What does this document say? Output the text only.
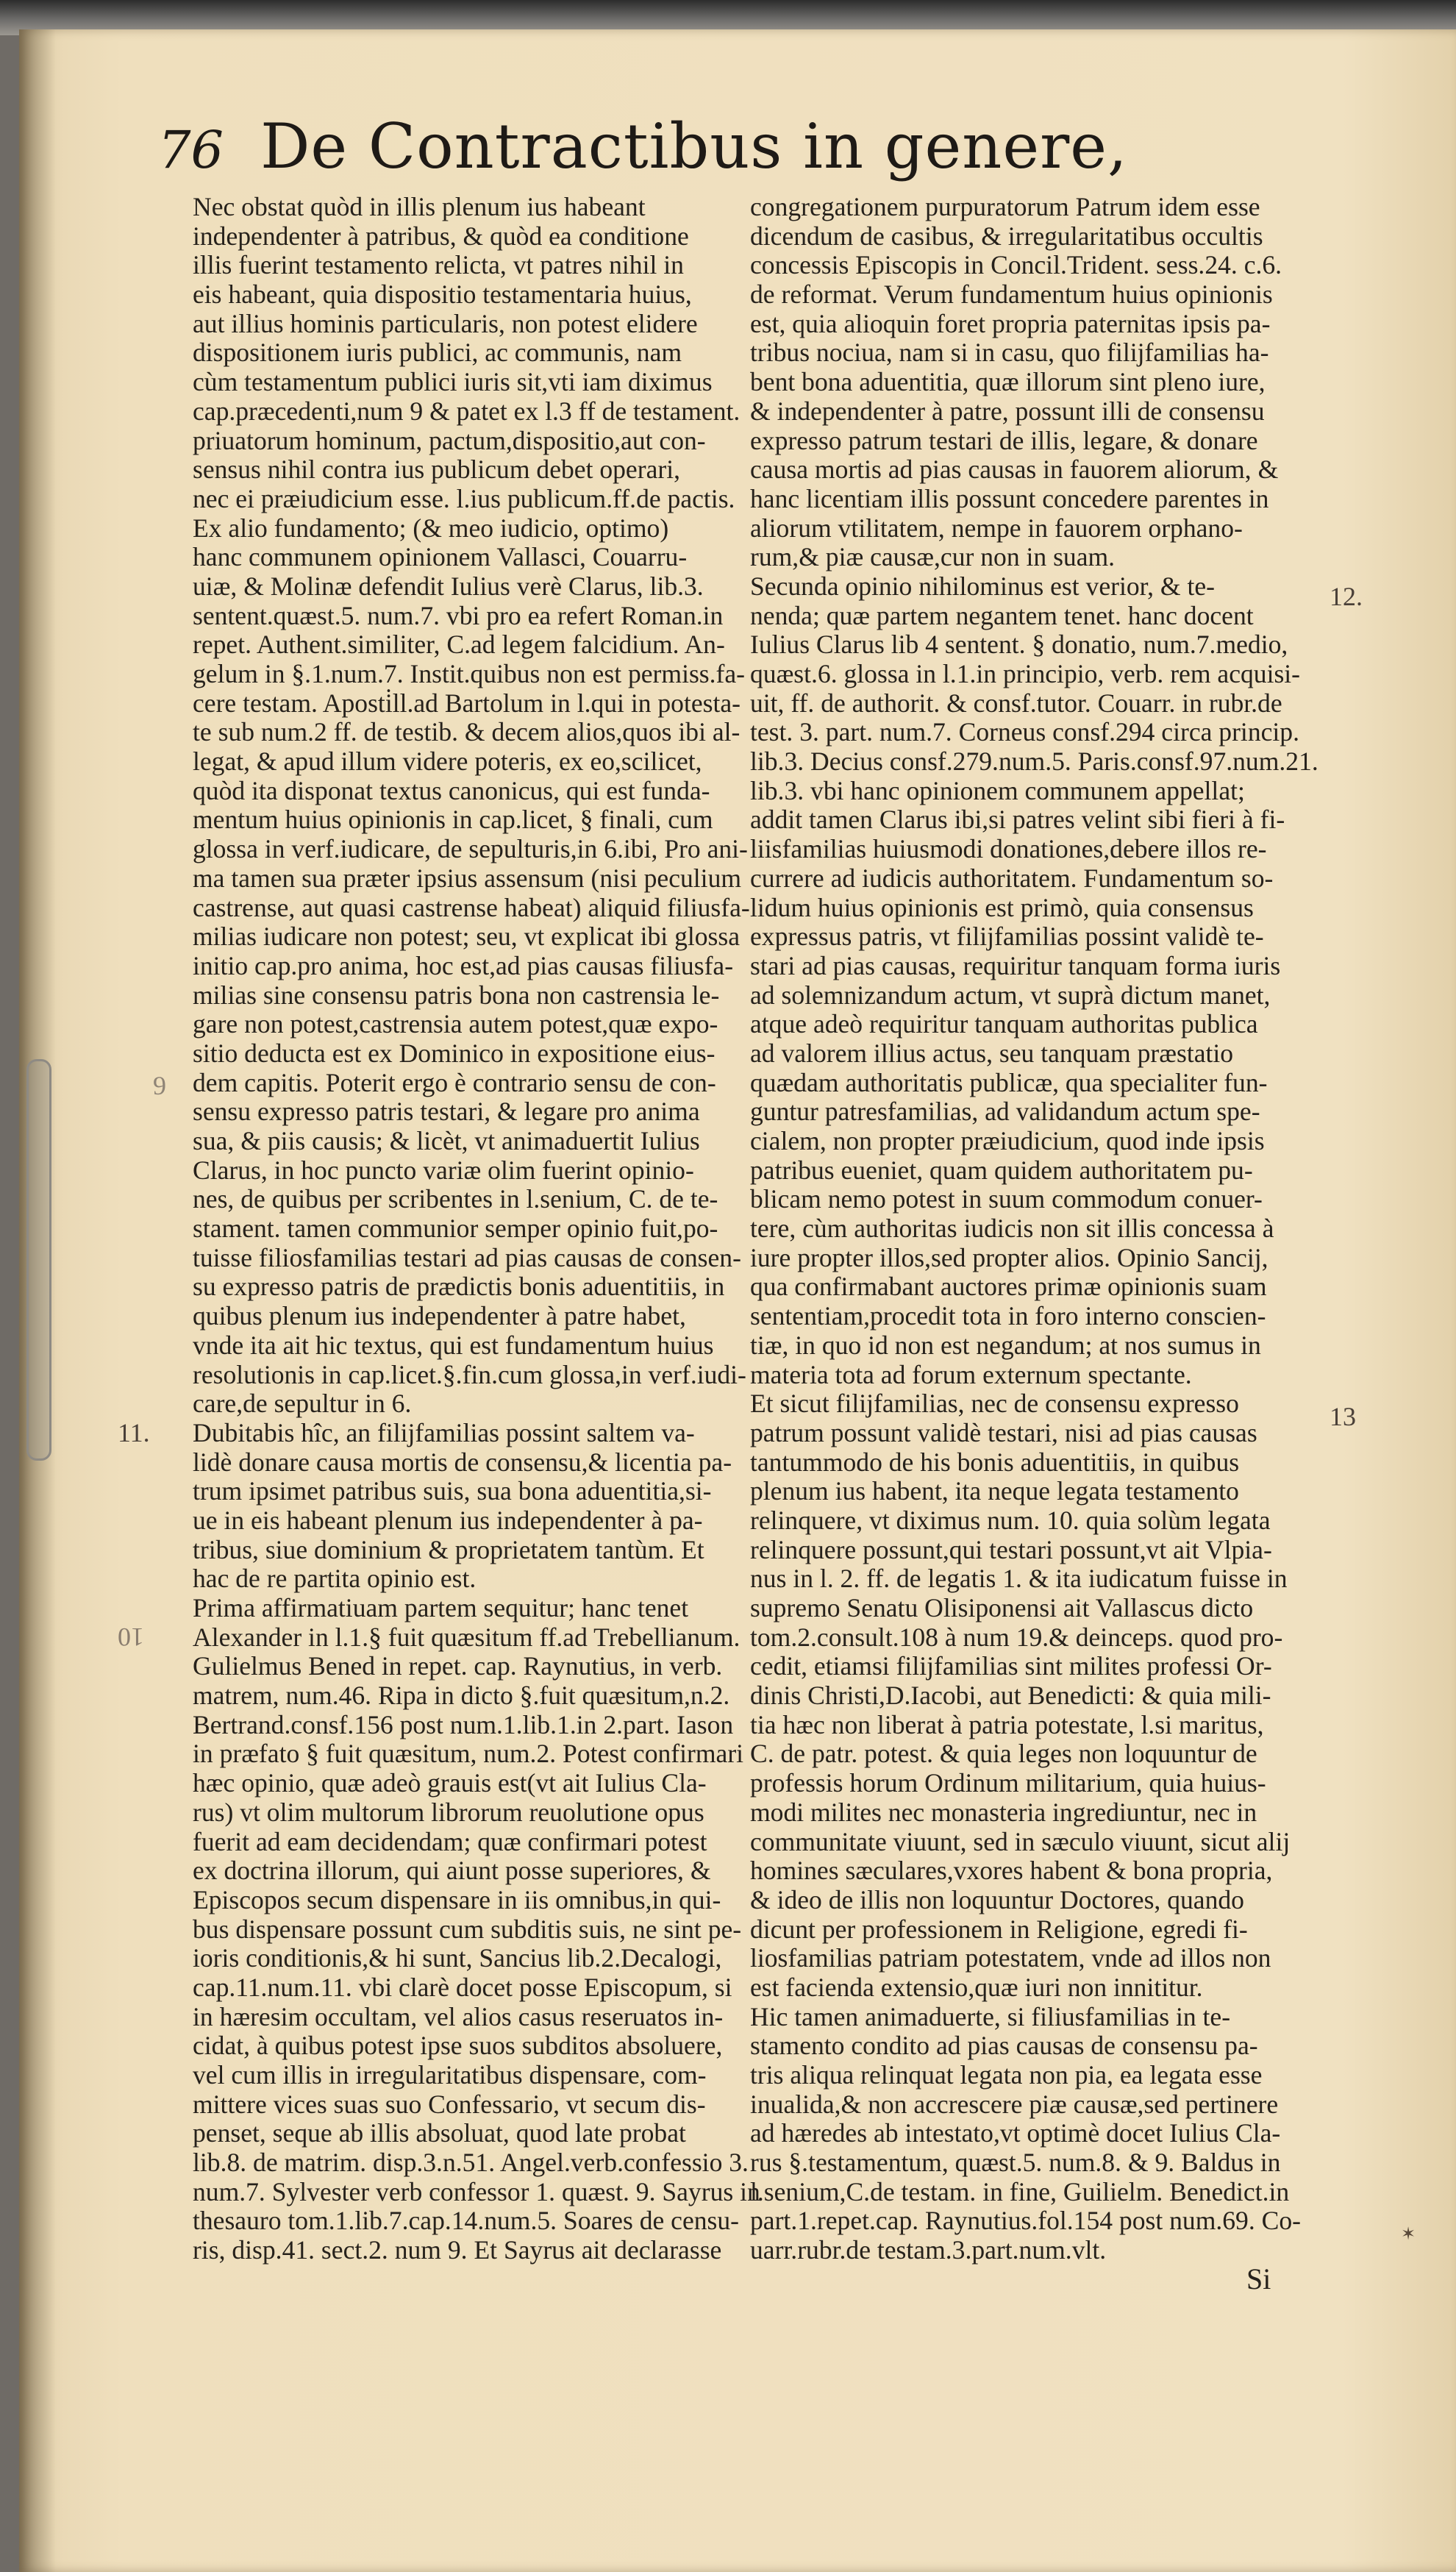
76 De Contractibus in genere,
Nec obstat quòd in illis plenum ius habeant
independenter à patribus, & quòd ea conditione
illis fuerint testamento relicta, vt patres nihil in
eis habeant, quia dispositio testamentaria huius,
aut illius hominis particularis, non potest elidere
dispositionem iuris publici, ac communis, nam
cùm testamentum publici iuris sit,vti iam diximus
cap.præcedenti,num 9 & patet ex l.3 ff de testament.
priuatorum hominum, pactum,dispositio,aut con-
sensus nihil contra ius publicum debet operari,
nec ei præiudicium esse. l.ius publicum.ff.de pactis.
Ex alio fundamento; (& meo iudicio, optimo)
hanc communem opinionem Vallasci, Couarru-
uiæ, & Molinæ defendit Iulius verè Clarus, lib.3.
sentent.quæst.5. num.7. vbi pro ea refert Roman.in
repet. Authent.similiter, C.ad legem falcidium. An-
gelum in §.1.num.7. Instit.quibus non est permiss.fa-
cere testam. Aposti̇ll.ad Bartolum in l.qui in potesta-
te sub num.2 ff. de testib. & decem alios,quos ibi al-
legat, & apud illum videre poteris, ex eo,scilicet,
quòd ita disponat textus canonicus, qui est funda-
mentum huius opinionis in cap.licet, § finali, cum
glossa in verf.iudicare, de sepulturis,in 6.ibi, Pro ani-
ma tamen sua præter ipsius assensum (nisi peculium
castrense, aut quasi castrense habeat) aliquid filiusfa-
milias iudicare non potest; seu, vt explicat ibi glossa
initio cap.pro anima, hoc est,ad pias causas filiusfa-
milias sine consensu patris bona non castrensia le-
gare non potest,castrensia autem potest,quæ expo-
sitio deducta est ex Dominico in expositione eius-
dem capitis. Poterit ergo è contrario sensu de con-
sensu expresso patris testari, & legare pro anima
sua, & piis causis; & licèt, vt animaduertit Iulius
Clarus, in hoc puncto variæ olim fuerint opinio-
nes, de quibus per scribentes in l.senium, C. de te-
stament. tamen communior semper opinio fuit,po-
tuisse filiosfamilias testari ad pias causas de consen-
su expresso patris de prædictis bonis aduentitiis, in
quibus plenum ius independenter à patre habet,
vnde ita ait hic textus, qui est fundamentum huius
resolutionis in cap.licet.§.fin.cum glossa,in verf.iudi-
care,de sepultur in 6.
Dubitabis hîc, an filijfamilias possint saltem va-
lidè donare causa mortis de consensu,& licentia pa-
trum ipsimet patribus suis, sua bona aduentitia,si-
ue in eis habeant plenum ius independenter à pa-
tribus, siue dominium & proprietatem tantùm. Et
hac de re partita opinio est.
Prima affirmatiuam partem sequitur; hanc tenet
Alexander in l.1.§ fuit quæsitum ff.ad Trebellianum.
Gulielmus Bened in repet. cap. Raynutius, in verb.
matrem, num.46. Ripa in dicto §.fuit quæsitum,n.2.
Bertrand.consf.156 post num.1.lib.1.in 2.part. Iason
in præfato § fuit quæsitum, num.2. Potest confirmari
hæc opinio, quæ adeò grauis est(vt ait Iulius Cla-
rus) vt olim multorum librorum reuolutione opus
fuerit ad eam decidendam; quæ confirmari potest
ex doctrina illorum, qui aiunt posse superiores, &
Episcopos secum dispensare in iis omnibus,in qui-
bus dispensare possunt cum subditis suis, ne sint pe-
ioris conditionis,& hi sunt, Sancius lib.2.Decalogi,
cap.11.num.11. vbi clarè docet posse Episcopum, si
in hæresim occultam, vel alios casus reseruatos in-
cidat, à quibus potest ipse suos subditos absoluere,
vel cum illis in irregularitatibus dispensare, com-
mittere vices suas suo Confessario, vt secum dis-
penset, seque ab illis absoluat, quod late probat
lib.8. de matrim. disp.3.n.51. Angel.verb.confessio 3.
num.7. Sylvester verb confessor 1. quæst. 9. Sayrus in
thesauro tom.1.lib.7.cap.14.num.5. Soares de censu-
ris, disp.41. sect.2. num 9. Et Sayrus ait declarasse
congregationem purpuratorum Patrum idem esse
dicendum de casibus, & irregularitatibus occultis
concessis Episcopis in Concil.Trident. sess.24. c.6.
de reformat. Verum fundamentum huius opinionis
est, quia alioquin foret propria paternitas ipsis pa-
tribus nociua, nam si in casu, quo filijfamilias ha-
bent bona aduentitia, quæ illorum sint pleno iure,
& independenter à patre, possunt illi de consensu
expresso patrum testari de illis, legare, & donare
causa mortis ad pias causas in fauorem aliorum, &
hanc licentiam illis possunt concedere parentes in
aliorum vtilitatem, nempe in fauorem orphano-
rum,& piæ causæ,cur non in suam.
Secunda opinio nihilominus est verior, & te-
nenda; quæ partem negantem tenet. hanc docent
Iulius Clarus lib 4 sentent. § donatio, num.7.medio,
quæst.6. glossa in l.1.in principio, verb. rem acquisi-
uit, ff. de authorit. & consf.tutor. Couarr. in rubr.de
test. 3. part. num.7. Corneus consf.294 circa princip.
lib.3. Decius consf.279.num.5. Paris.consf.97.num.21.
lib.3. vbi hanc opinionem communem appellat;
addit tamen Clarus ibi,si patres velint sibi fieri à fi-
liisfamilias huiusmodi donationes,debere illos re-
currere ad iudicis authoritatem. Fundamentum so-
lidum huius opinionis est primò, quia consensus
expressus patris, vt filijfamilias possint validè te-
stari ad pias causas, requiritur tanquam forma iuris
ad solemnizandum actum, vt suprà dictum manet,
atque adeò requiritur tanquam authoritas publica
ad valorem illius actus, seu tanquam præstatio
quædam authoritatis publicæ, qua specialiter fun-
guntur patresfamilias, ad validandum actum spe-
cialem, non propter præiudicium, quod inde ipsis
patribus eueniet, quam quidem authoritatem pu-
blicam nemo potest in suum commodum conuer-
tere, cùm authoritas iudicis non sit illis concessa à
iure propter illos,sed propter alios. Opinio Sancij,
qua confirmabant auctores primæ opinionis suam
sententiam,procedit tota in foro interno conscien-
tiæ, in quo id non est negandum; at nos sumus in
materia tota ad forum externum spectante.
Et sicut filijfamilias, nec de consensu expresso
patrum possunt validè testari, nisi ad pias causas
tantummodo de his bonis aduentitiis, in quibus
plenum ius habent, ita neque legata testamento
relinquere, vt diximus num. 10. quia solùm legata
relinquere possunt,qui testari possunt,vt ait Vlpia-
nus in l. 2. ff. de legatis 1. & ita iudicatum fuisse in
supremo Senatu Olisiponensi ait Vallascus dicto
tom.2.consult.108 à num 19.& deinceps. quod pro-
cedit, etiamsi filijfamilias sint milites professi Or-
dinis Christi,D.Iacobi, aut Benedicti: & quia mili-
tia hæc non liberat à patria potestate, l.si maritus,
C. de patr. potest. & quia leges non loquuntur de
professis horum Ordinum militarium, quia huius-
modi milites nec monasteria ingrediuntur, nec in
communitate viuunt, sed in sæculo viuunt, sicut alij
homines sæculares,vxores habent & bona propria,
& ideo de illis non loquuntur Doctores, quando
dicunt per professionem in Religione, egredi fi-
liosfamilias patriam potestatem, vnde ad illos non
est facienda extensio,quæ iuri non innititur.
Hic tamen animaduerte, si filiusfamilias in te-
stamento condito ad pias causas de consensu pa-
tris aliqua relinquat legata non pia, ea legata esse
inualida,& non accrescere piæ causæ,sed pertinere
ad hæredes ab intestato,vt optimè docet Iulius Cla-
rus §.testamentum, quæst.5. num.8. & 9. Baldus in
l.senium,C.de testam. in fine, Guilielm. Benedict.in
part.1.repet.cap. Raynutius.fol.154 post num.69. Co-
uarr.rubr.de testam.3.part.num.vlt.
9
11.
10
12.
13
✶
Si
